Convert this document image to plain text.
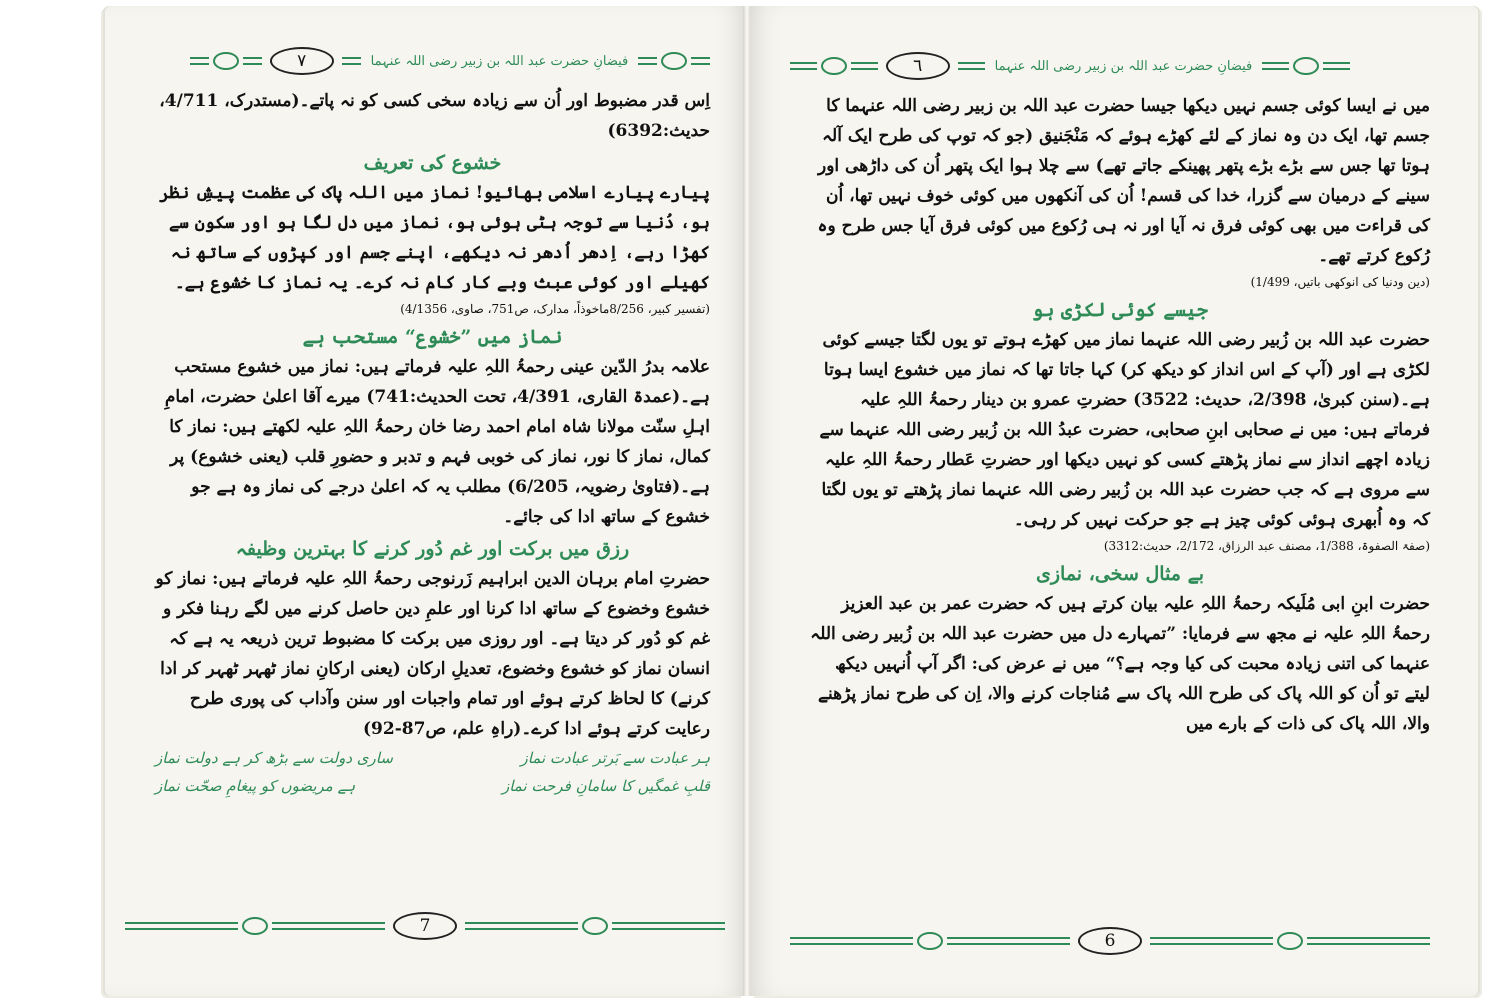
٧	فیضانِ حضرت عبد اللہ بن زبیر رضی اللہ عنہما

اِس قدر مضبوط اور اُن سے زیادہ سخی کسی کو نہ پاتے۔(مستدرک، 4/711، حدیث:6392)

خشوع کی تعریف

پیارے پیارے اسلامی بھائیو! نماز میں اللہ پاک کی عظمت پیشِ نظر ہو، دُنیا سے توجہ ہٹی ہوئی ہو، نماز میں دل لگا ہو اور سکون سے کھڑا رہے، اِدھر اُدھر نہ دیکھے، اپنے جسم اور کپڑوں کے ساتھ نہ کھیلے اور کوئی عبث وبے کار کام نہ کرے۔ یہ نماز کا خشوع ہے۔

(تفسیر کبیر، 8/256ماخوذاً، مدارک، ص751، صاوی، 4/1356)

نماز میں ”خشوع“ مستحب ہے

علامہ بدرُ الدّین عینی رحمۃُ اللہِ علیہ فرماتے ہیں: نماز میں خشوع مستحب ہے۔(عمدۃ القاری، 4/391، تحت الحدیث:741) میرے آقا اعلیٰ حضرت، امامِ اہلِ سنّت مولانا شاہ امام احمد رضا خان رحمۃُ اللہِ علیہ لکھتے ہیں: نماز کا کمال، نماز کا نور، نماز کی خوبی فہم و تدبر و حضورِ قلب (یعنی خشوع) پر ہے۔(فتاویٰ رضویہ، 6/205) مطلب یہ کہ اعلیٰ درجے کی نماز وہ ہے جو خشوع کے ساتھ ادا کی جائے۔

رزق میں برکت اور غم دُور کرنے کا بہترین وظیفہ

حضرتِ امام برہان الدین ابراہیم زَرنوجی رحمۃُ اللہِ علیہ فرماتے ہیں: نماز کو خشوع وخضوع کے ساتھ ادا کرنا اور علمِ دین حاصل کرنے میں لگے رہنا فکر و غم کو دُور کر دیتا ہے۔ اور روزی میں برکت کا مضبوط ترین ذریعہ یہ ہے کہ انسان نماز کو خشوع وخضوع، تعدیلِ ارکان (یعنی ارکانِ نماز ٹھہر ٹھہر کر ادا کرنے) کا لحاظ کرتے ہوئے اور تمام واجبات اور سنن وآداب کی پوری طرح رعایت کرتے ہوئے ادا کرے۔(راہِ علم، ص87-92)

ہر عبادت سے بَرتر عبادت نماز
ساری دولت سے بڑھ کر ہے دولت نماز
قلبِ غمگیں کا سامانِ فرحت نماز
ہے مریضوں کو پیغامِ صحّت نماز
7
٦	فیضانِ حضرت عبد اللہ بن زبیر رضی اللہ عنہما

میں نے ایسا کوئی جسم نہیں دیکھا جیسا حضرت عبد اللہ بن زبیر رضی اللہ عنہما کا جسم تھا، ایک دن وہ نماز کے لئے کھڑے ہوئے کہ مَنْجَنیق (جو کہ توپ کی طرح ایک آلہ ہوتا تھا جس سے بڑے بڑے پتھر پھینکے جاتے تھے) سے چلا ہوا ایک پتھر اُن کی داڑھی اور سینے کے درمیان سے گزرا، خدا کی قسم! اُن کی آنکھوں میں کوئی خوف نہیں تھا، اُن کی قراءت میں بھی کوئی فرق نہ آیا اور نہ ہی رُکوع میں کوئی فرق آیا جس طرح وہ رُکوع کرتے تھے۔

(دین ودنیا کی انوکھی باتیں، 1/499)

جیسے کوئی لکڑی ہو

حضرت عبد اللہ بن زُبیر رضی اللہ عنہما نماز میں کھڑے ہوتے تو یوں لگتا جیسے کوئی لکڑی ہے اور (آپ کے اس انداز کو دیکھ کر) کہا جاتا تھا کہ نماز میں خشوع ایسا ہوتا ہے۔(سنن کبریٰ، 2/398، حدیث: 3522) حضرتِ عمرو بن دینار رحمۃُ اللہِ علیہ فرماتے ہیں: میں نے صحابی ابنِ صحابی، حضرت عبدُ اللہ بن زُبیر رضی اللہ عنہما سے زیادہ اچھے انداز سے نماز پڑھتے کسی کو نہیں دیکھا اور حضرتِ عَطار رحمۃُ اللہِ علیہ سے مروی ہے کہ جب حضرت عبد اللہ بن زُبیر رضی اللہ عنہما نماز پڑھتے تو یوں لگتا کہ وہ اُبھری ہوئی کوئی چیز ہے جو حرکت نہیں کر رہی۔

(صفۃ الصفوۃ، 1/388، مصنف عبد الرزاق، 2/172، حدیث:3312)

بے مثال سخی، نمازی

حضرت ابنِ ابی مُلَیکہ رحمۃُ اللہِ علیہ بیان کرتے ہیں کہ حضرت عمر بن عبد العزیز رحمۃُ اللہِ علیہ نے مجھ سے فرمایا: ”تمہارے دل میں حضرت عبد اللہ بن زُبیر رضی اللہ عنہما کی اتنی زیادہ محبت کی کیا وجہ ہے؟“ میں نے عرض کی: اگر آپ اُنہیں دیکھ لیتے تو اُن کو اللہ پاک کی طرح اللہ پاک سے مُناجات کرنے والا، اِن کی طرح نماز پڑھنے والا، اللہ پاک کی ذات کے بارے میں

6
